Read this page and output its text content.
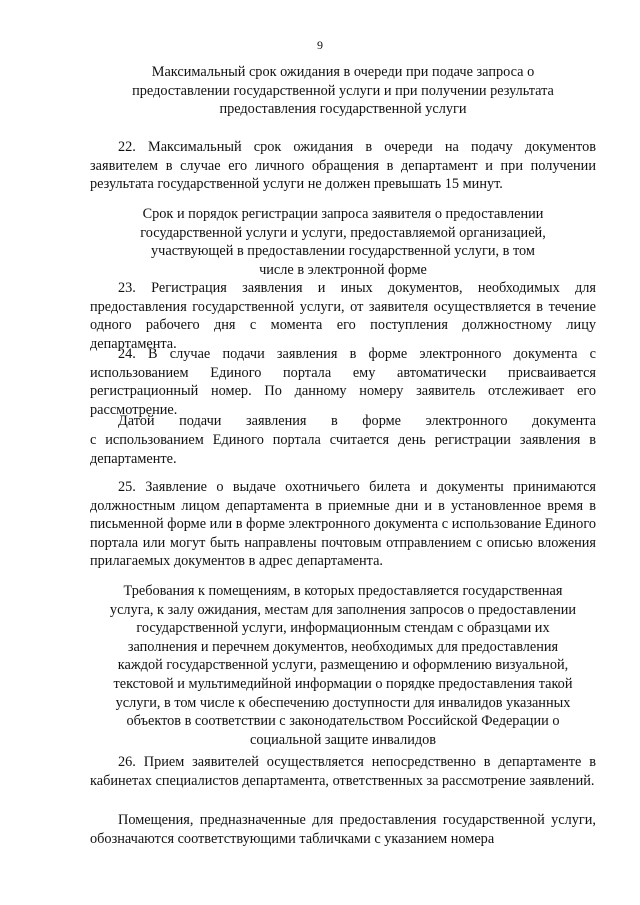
9
Максимальный срок ожидания в очереди при подаче запроса о
предоставлении государственной услуги и при получении результата
предоставления государственной услуги
22. Максимальный срок ожидания в очереди на подачу документов заявителем в случае его личного обращения в департамент и при получении результата государственной услуги не должен превышать 15 минут.
Срок и порядок регистрации запроса заявителя о предоставлении
государственной услуги и услуги, предоставляемой организацией,
участвующей в предоставлении государственной услуги, в том
числе в электронной форме
23. Регистрация заявления и иных документов, необходимых для предоставления государственной услуги, от заявителя осуществляется в течение одного рабочего дня с момента его поступления должностному лицу департамента.
24. В случае подачи заявления в форме электронного документа с использованием Единого портала ему автоматически присваивается регистрационный номер. По данному номеру заявитель отслеживает его рассмотрение.
Датой подачи заявления в форме электронного документа
с использованием Единого портала считается день регистрации заявления в департаменте.
25. Заявление о выдаче охотничьего билета и документы принимаются должностным лицом департамента в приемные дни и в установленное время в письменной форме или в форме электронного документа с использование Единого портала или могут быть направлены почтовым отправлением с описью вложения прилагаемых документов в адрес департамента.
Требования к помещениям, в которых предоставляется государственная
услуга, к залу ожидания, местам для заполнения запросов о предоставлении
государственной услуги, информационным стендам с образцами их
заполнения и перечнем документов, необходимых для предоставления
каждой государственной услуги, размещению и оформлению визуальной,
текстовой и мультимедийной информации о порядке предоставления такой
услуги, в том числе к обеспечению доступности для инвалидов указанных
объектов в соответствии с законодательством Российской Федерации о
социальной защите инвалидов
26. Прием заявителей осуществляется непосредственно в департаменте в кабинетах специалистов департамента, ответственных за рассмотрение заявлений.
Помещения, предназначенные для предоставления государственной услуги, обозначаются соответствующими табличками с указанием номера
